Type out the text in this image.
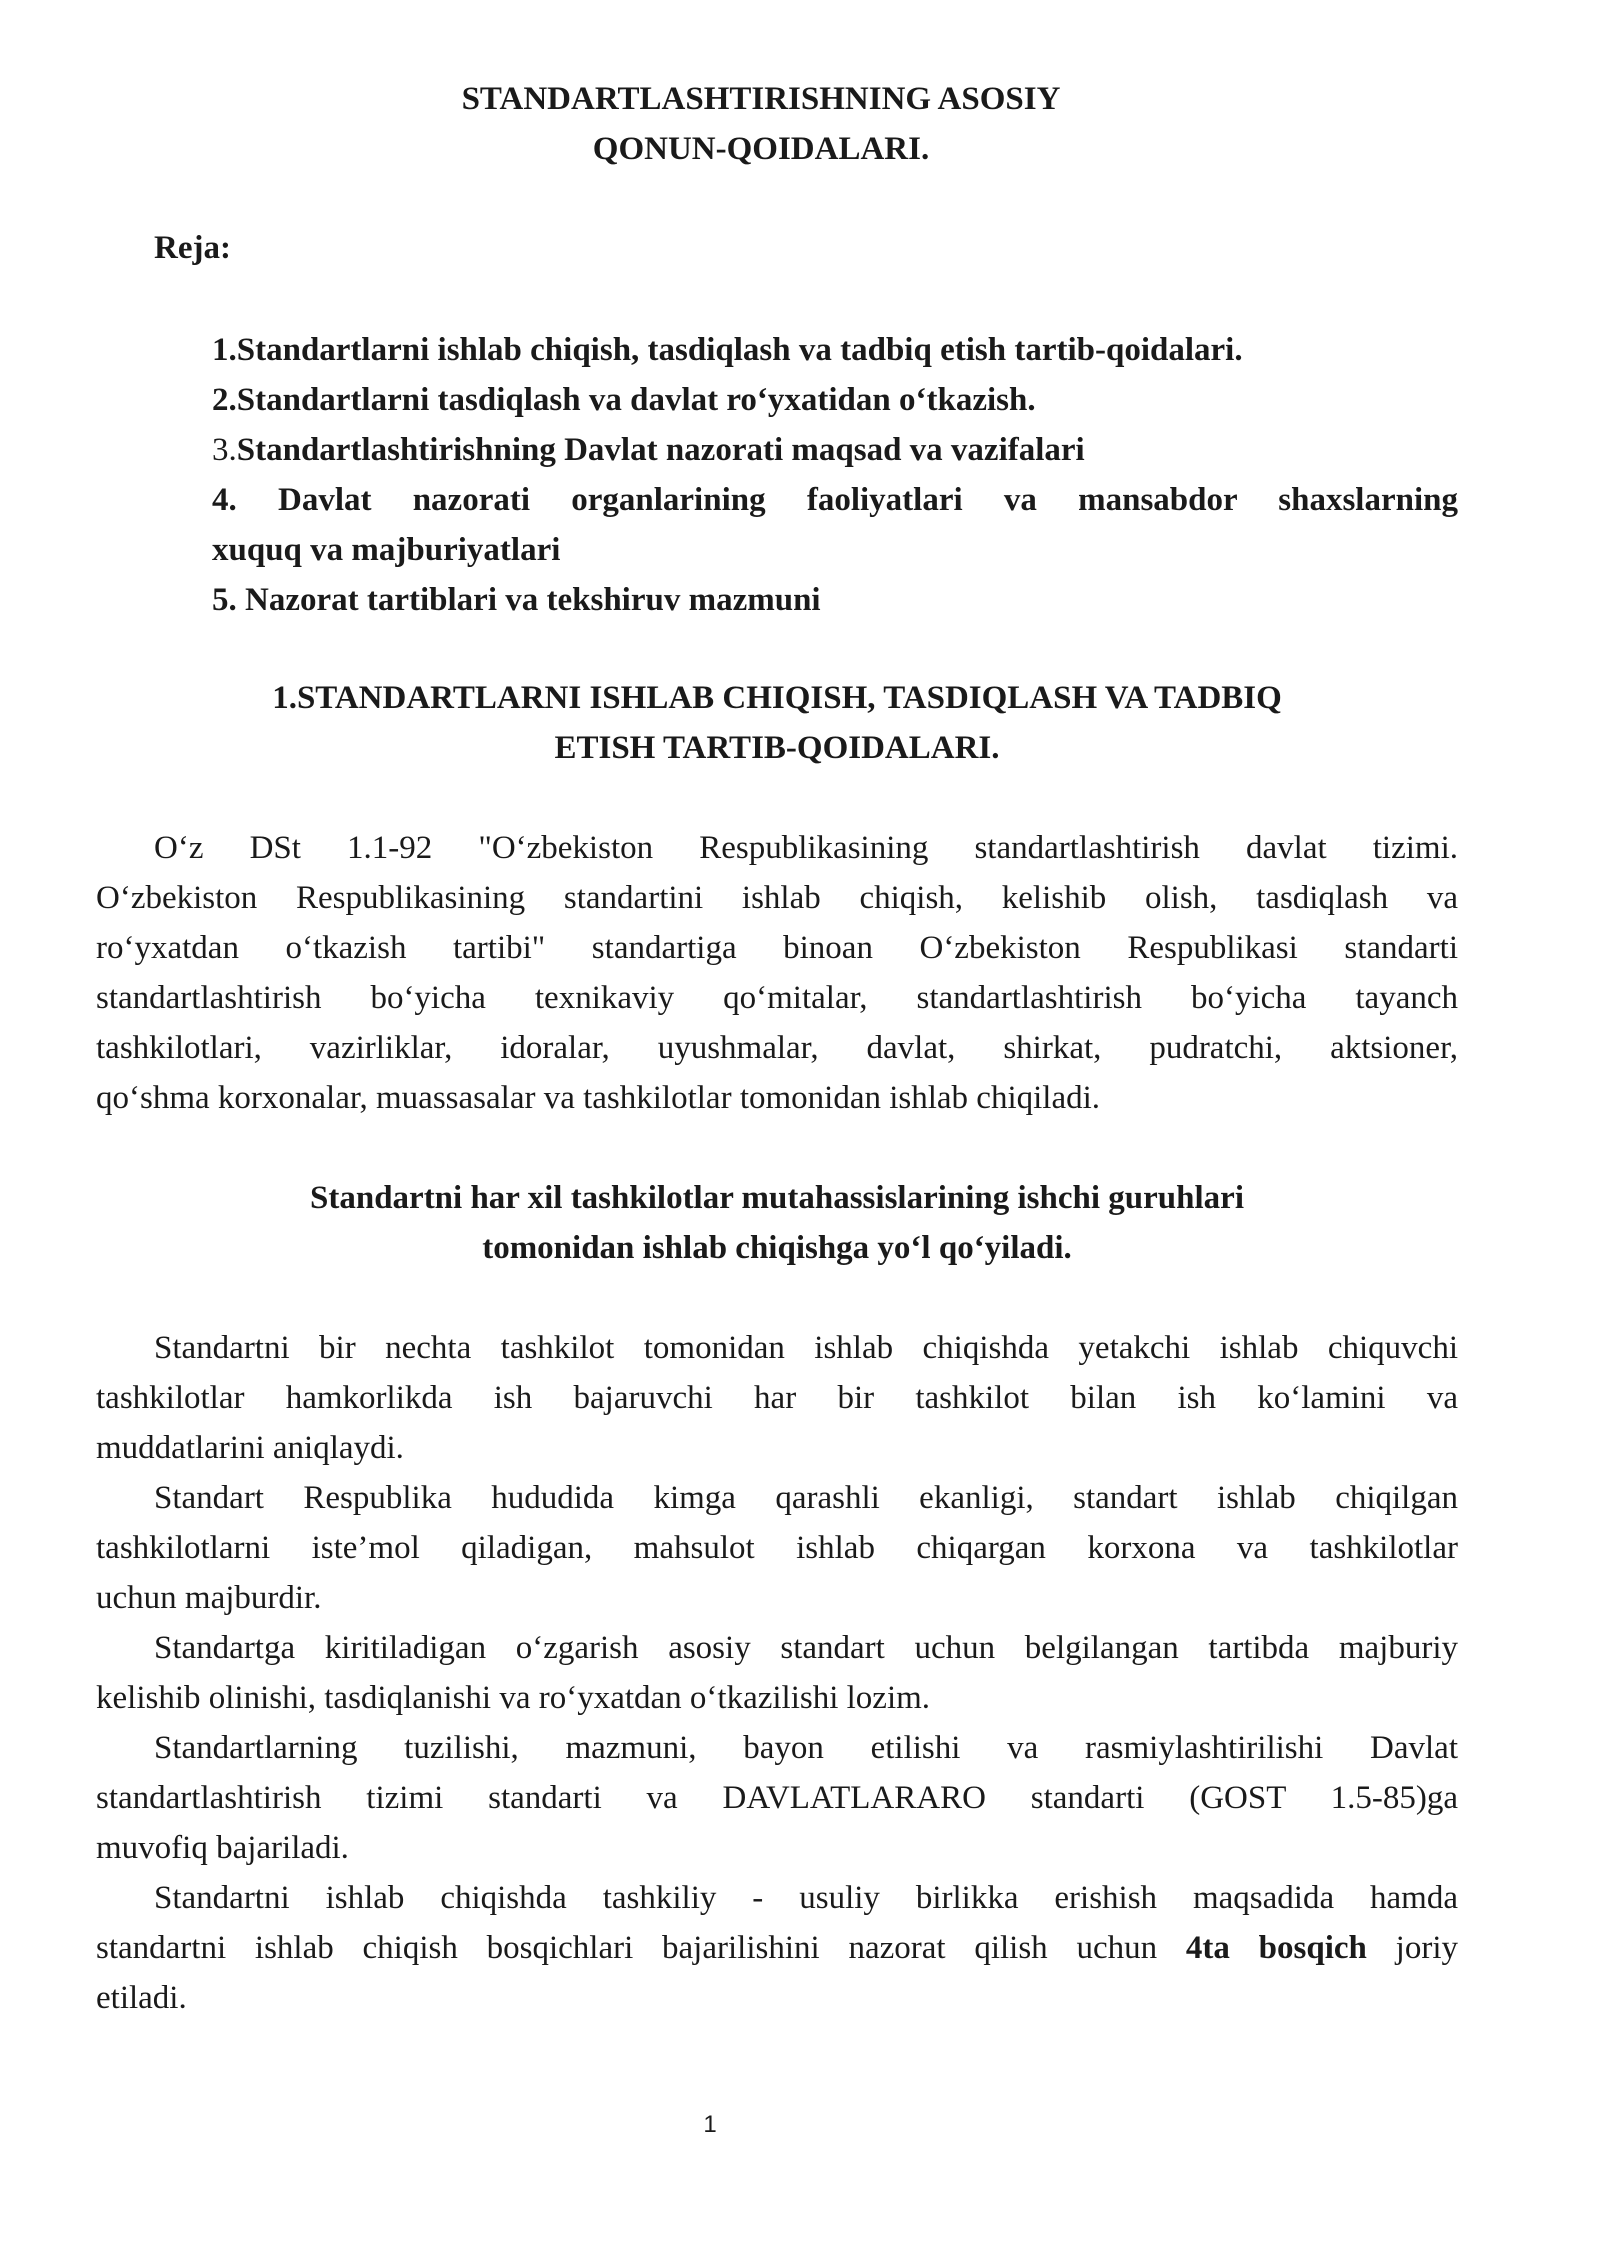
STANDARTLASHTIRISHNING ASOSIY
QONUN-QOIDALARI.
Reja:
1.Standartlarni ishlab chiqish, tasdiqlash va tadbiq etish tartib-qoidalari.
2.Standartlarni tasdiqlash va davlat ro‘yxatidan o‘tkazish.
3.Standartlashtirishning Davlat nazorati maqsad va vazifalari
4. Davlat nazorati organlarining faoliyatlari va mansabdor shaxslarning
xuquq va majburiyatlari
5. Nazorat tartiblari va tekshiruv mazmuni
1.STANDARTLARNI ISHLAB CHIQISH, TASDIQLASH VA TADBIQ
ETISH TARTIB-QOIDALARI.
O‘z DSt 1.1-92 "O‘zbekiston Respublikasining standartlashtirish davlat tizimi.
O‘zbekiston Respublikasining standartini ishlab chiqish, kelishib olish, tasdiqlash va
ro‘yxatdan o‘tkazish tartibi" standartiga binoan O‘zbekiston Respublikasi standarti
standartlashtirish bo‘yicha texnikaviy qo‘mitalar, standartlashtirish bo‘yicha tayanch
tashkilotlari, vazirliklar, idoralar, uyushmalar, davlat, shirkat, pudratchi, aktsioner,
qo‘shma korxonalar, muassasalar va tashkilotlar tomonidan ishlab chiqiladi.
Standartni har xil tashkilotlar mutahassislarining ishchi guruhlari
tomonidan ishlab chiqishga yo‘l qo‘yiladi.
Standartni bir nechta tashkilot tomonidan ishlab chiqishda yetakchi ishlab chiquvchi
tashkilotlar hamkorlikda ish bajaruvchi har bir tashkilot bilan ish ko‘lamini va
muddatlarini aniqlaydi.
Standart Respublika hududida kimga qarashli ekanligi, standart ishlab chiqilgan
tashkilotlarni iste’mol qiladigan, mahsulot ishlab chiqargan korxona va tashkilotlar
uchun majburdir.
Standartga kiritiladigan o‘zgarish asosiy standart uchun belgilangan tartibda majburiy
kelishib olinishi, tasdiqlanishi va ro‘yxatdan o‘tkazilishi lozim.
Standartlarning tuzilishi, mazmuni, bayon etilishi va rasmiylashtirilishi Davlat
standartlashtirish tizimi standarti va DAVLATLARARO standarti (GOST 1.5-85)ga
muvofiq bajariladi.
Standartni ishlab chiqishda tashkiliy - usuliy birlikka erishish maqsadida hamda
standartni ishlab chiqish bosqichlari bajarilishini nazorat qilish uchun 4ta bosqich joriy
etiladi.
1
